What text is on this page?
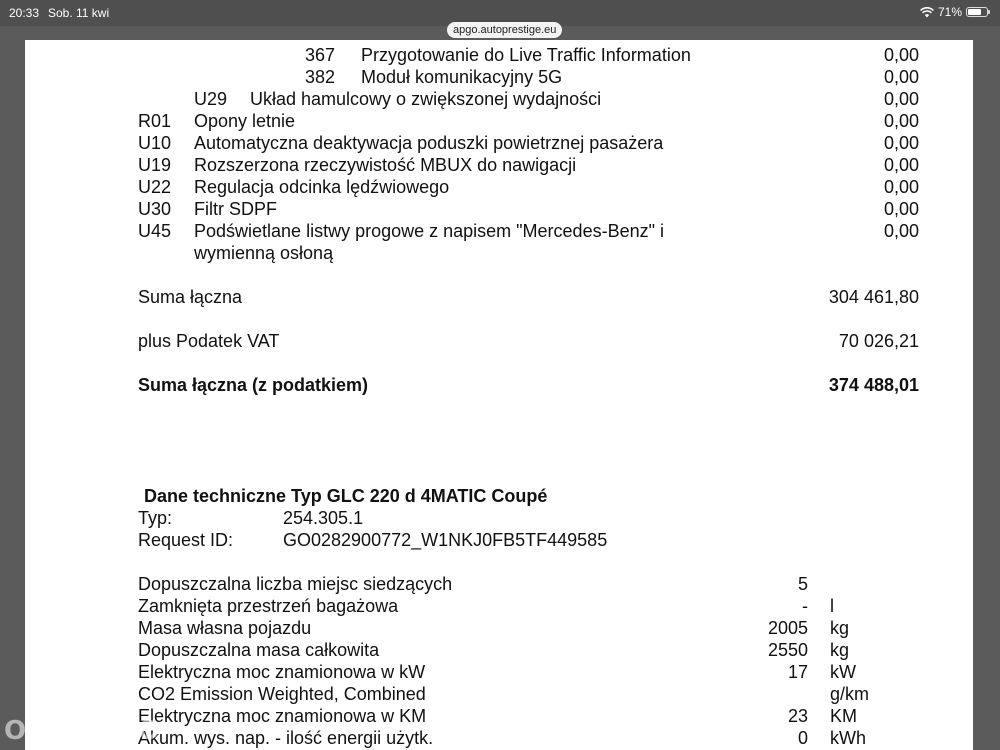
20:33 Sob. 11 kwi	71%
apgo.autoprestige.eu
367 Przygotowanie do Live Traffic Information	0,00
382 Moduł komunikacyjny 5G	0,00
U29 Układ hamulcowy o zwiększonej wydajności	0,00
R01 Opony letnie	0,00
U10 Automatyczna deaktywacja poduszki powietrznej pasażera	0,00
U19 Rozszerzona rzeczywistość MBUX do nawigacji	0,00
U22 Regulacja odcinka lędźwiowego	0,00
U30 Filtr SDPF	0,00
U45 Podświetlane listwy progowe z napisem "Mercedes-Benz" i	0,00
wymienną osłoną
Suma łączna	304 461,80
plus Podatek VAT	70 026,21
Suma łączna (z podatkiem)	374 488,01
Dane techniczne Typ GLC 220 d 4MATIC Coupé
Typ:	254.305.1
Request ID:	GO0282900772_W1NKJ0FB5TF449585
Dopuszczalna liczba miejsc siedzących	5
Zamknięta przestrzeń bagażowa	- l
Masa własna pojazdu	2005 kg
Dopuszczalna masa całkowita	2550 kg
Elektryczna moc znamionowa w kW	17 kW
CO2 Emission Weighted, Combined	g/km
Elektryczna moc znamionowa w KM	23 KM
Akum. wys. nap. - ilość energii użytk.	0 kWh
OTOMOTO
